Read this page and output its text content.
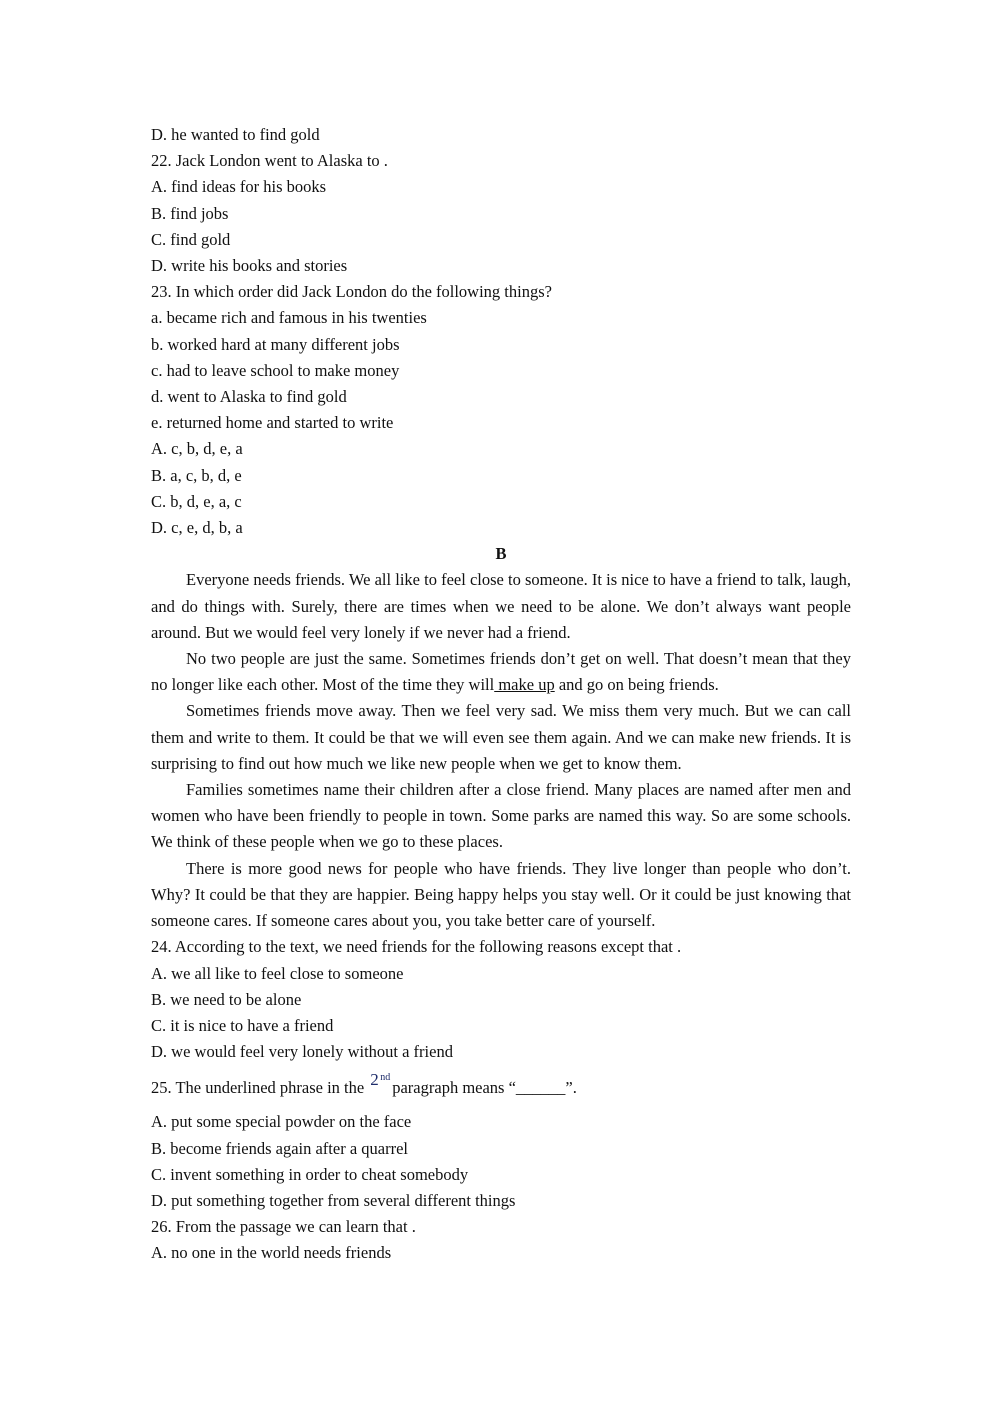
D. he wanted to find gold
22. Jack London went to Alaska to .
A. find ideas for his books
B. find jobs
C. find gold
D. write his books and stories
23. In which order did Jack London do the following things?
a. became rich and famous in his twenties
b. worked hard at many different jobs
c. had to leave school to make money
d. went to Alaska to find gold
e. returned home and started to write
A. c, b, d, e, a
B. a, c, b, d, e
C. b, d, e, a, c
D. c, e, d, b, a
B

Everyone needs friends. We all like to feel close to someone. It is nice to have a friend to talk, laugh, and do things with. Surely, there are times when we need to be alone. We don’t always want people around. But we would feel very lonely if we never had a friend.

No two people are just the same. Sometimes friends don’t get on well. That doesn’t mean that they no longer like each other. Most of the time they will make up and go on being friends.

Sometimes friends move away. Then we feel very sad. We miss them very much. But we can call them and write to them. It could be that we will even see them again. And we can make new friends. It is surprising to find out how much we like new people when we get to know them.

Families sometimes name their children after a close friend. Many places are named after men and women who have been friendly to people in town. Some parks are named this way. So are some schools. We think of these people when we go to these places.

There is more good news for people who have friends. They live longer than people who don’t. Why? It could be that they are happier. Being happy helps you stay well. Or it could be just knowing that someone cares. If someone cares about you, you take better care of yourself.

24. According to the text, we need friends for the following reasons except that .
A. we all like to feel close to someone
B. we need to be alone
C. it is nice to have a friend
D. we would feel very lonely without a friend
25. The underlined phrase in the 2 nd
paragraph means “______”.
A. put some special powder on the face
B. become friends again after a quarrel
C. invent something in order to cheat somebody
D. put something together from several different things
26. From the passage we can learn that .
A. no one in the world needs friends
